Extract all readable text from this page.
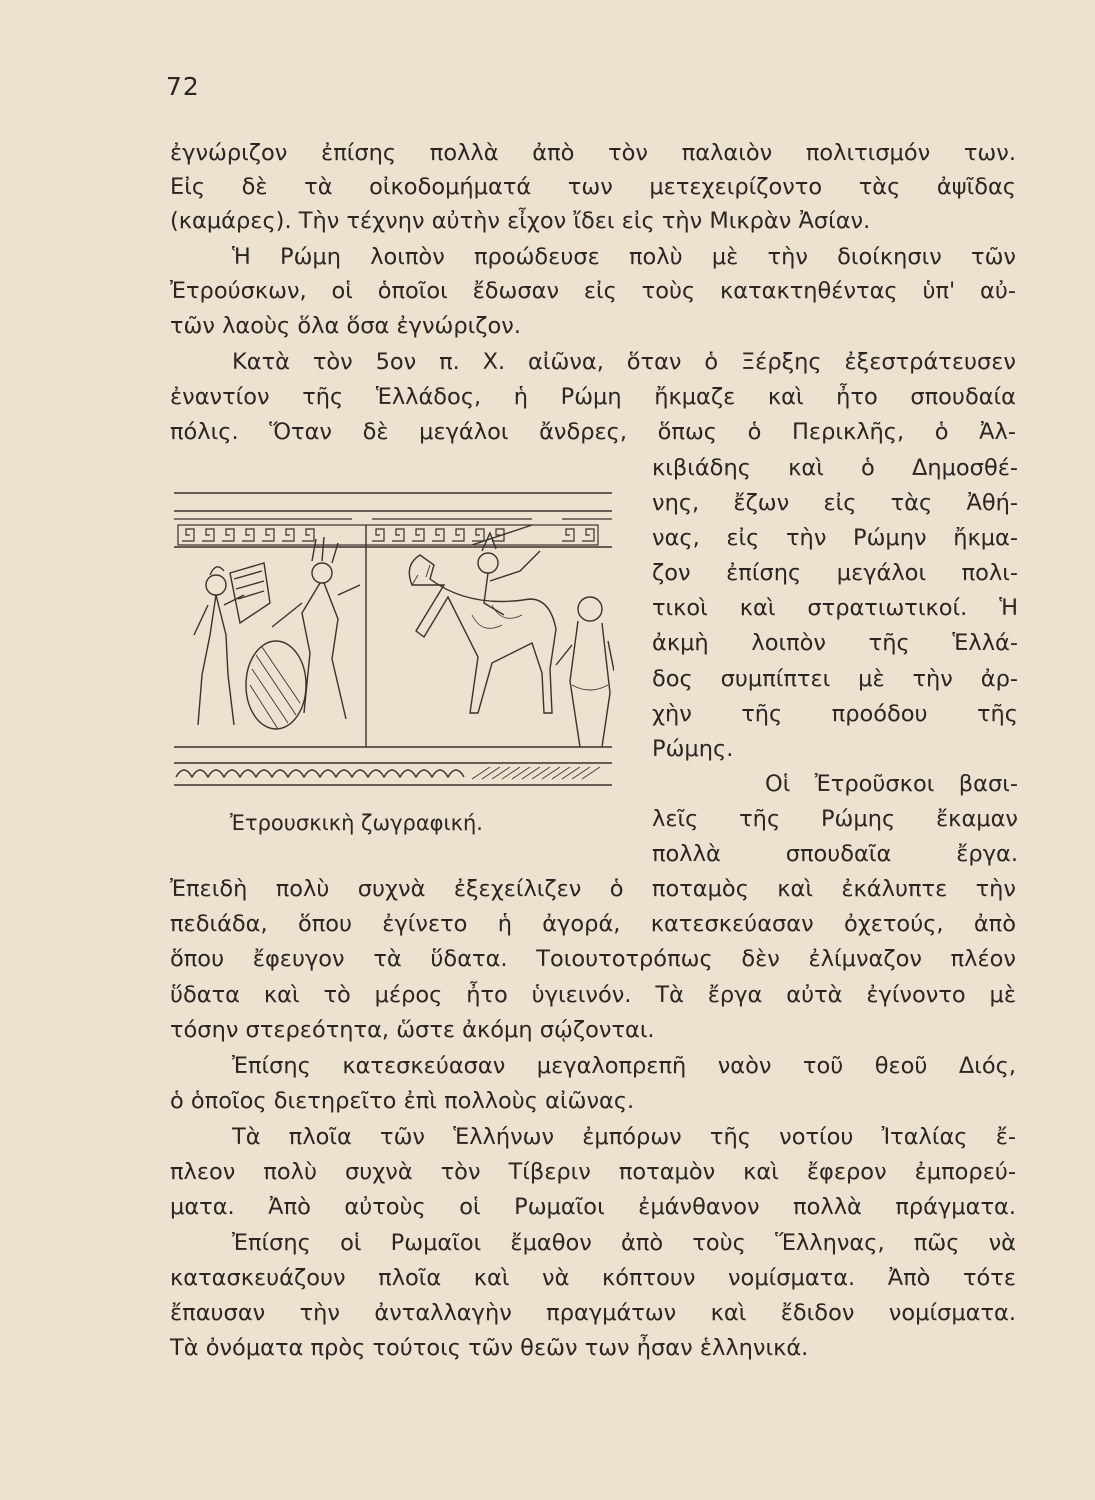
72

ἐγνώριζον ἐπίσης πολλὰ ἀπὸ τὸν παλαιὸν πολιτισμόν των.

Εἰς δὲ τὰ οἰκοδομήματά των μετεχειρίζοντο τὰς ἀψῖδας

(καμάρες). Τὴν τέχνην αὐτὴν εἶχον ἴδει εἰς τὴν Μικρὰν Ἀσίαν.

Ἡ Ρώμη λοιπὸν προώδευσε πολὺ μὲ τὴν διοίκησιν τῶν

Ἐτρούσκων, οἱ ὁποῖοι ἔδωσαν εἰς τοὺς κατακτηθέντας ὑπ' αὐ-

τῶν λαοὺς ὅλα ὅσα ἐγνώριζον.

Κατὰ τὸν 5ον π. Χ. αἰῶνα, ὅταν ὁ Ξέρξης ἐξεστράτευσεν

ἐναντίον τῆς Ἑλλάδος, ἡ Ρώμη ἤκμαζε καὶ ἦτο σπουδαία

πόλις. Ὅταν δὲ μεγάλοι ἄνδρες, ὅπως ὁ Περικλῆς, ὁ Ἀλ-

κιβιάδης καὶ ὁ Δημοσθέ-

νης, ἔζων εἰς τὰς Ἀθή-

νας, εἰς τὴν Ρώμην ἤκμα-

ζον ἐπίσης μεγάλοι πολι-

τικοὶ καὶ στρατιωτικοί. Ἡ

ἀκμὴ λοιπὸν τῆς Ἑλλά-

δος συμπίπτει μὲ τὴν ἀρ-

χὴν τῆς προόδου τῆς

Ρώμης.

Οἱ Ἐτροῦσκοι βασι-

λεῖς τῆς Ρώμης ἔκαμαν

πολλὰ σπουδαῖα ἔργα.

Ἐτρουσκικὴ ζωγραφική.

Ἐπειδὴ πολὺ συχνὰ ἐξεχείλιζεν ὁ ποταμὸς καὶ ἐκάλυπτε τὴν

πεδιάδα, ὅπου ἐγίνετο ἡ ἀγορά, κατεσκεύασαν ὀχετούς, ἀπὸ

ὅπου ἔφευγον τὰ ὕδατα. Τοιουτοτρόπως δὲν ἐλίμναζον πλέον

ὕδατα καὶ τὸ μέρος ἦτο ὑγιεινόν. Τὰ ἔργα αὐτὰ ἐγίνοντο μὲ

τόσην στερεότητα, ὥστε ἀκόμη σῴζονται.

Ἐπίσης κατεσκεύασαν μεγαλοπρεπῆ ναὸν τοῦ θεοῦ Διός,

ὁ ὁποῖος διετηρεῖτο ἐπὶ πολλοὺς αἰῶνας.

Τὰ πλοῖα τῶν Ἑλλήνων ἐμπόρων τῆς νοτίου Ἰταλίας ἔ-

πλεον πολὺ συχνὰ τὸν Τίβεριν ποταμὸν καὶ ἔφερον ἐμπορεύ-

ματα. Ἀπὸ αὐτοὺς οἱ Ρωμαῖοι ἐμάνθανον πολλὰ πράγματα.

Ἐπίσης οἱ Ρωμαῖοι ἔμαθον ἀπὸ τοὺς Ἕλληνας, πῶς νὰ

κατασκευάζουν πλοῖα καὶ νὰ κόπτουν νομίσματα. Ἀπὸ τότε

ἔπαυσαν τὴν ἀνταλλαγὴν πραγμάτων καὶ ἔδιδον νομίσματα.

Τὰ ὀνόματα πρὸς τούτοις τῶν θεῶν των ἦσαν ἑλληνικά.
